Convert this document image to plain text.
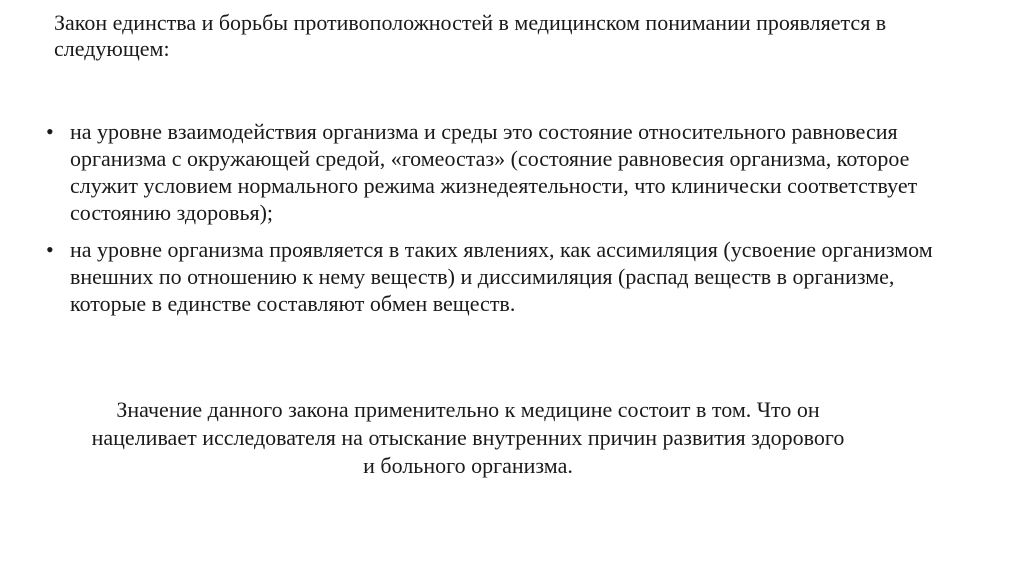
Закон единства и борьбы противоположностей в медицинском понимании проявляется в следующем:

• на уровне взаимодействия организма и среды это состояние относительного равновесия организма с окружающей средой, «гомеостаз» (состояние равновесия организма, которое служит условием нормального режима жизнедеятельности, что клинически соответствует состоянию здоровья);
• на уровне организма проявляется в таких явлениях, как ассимиляция (усвоение организмом внешних по отношению к нему веществ) и диссимиляция (распад веществ в организме, которые в единстве составляют обмен веществ.

Значение данного закона применительно к медицине состоит в том. Что он нацеливает исследователя на отыскание внутренних причин развития здорового и больного организма.
